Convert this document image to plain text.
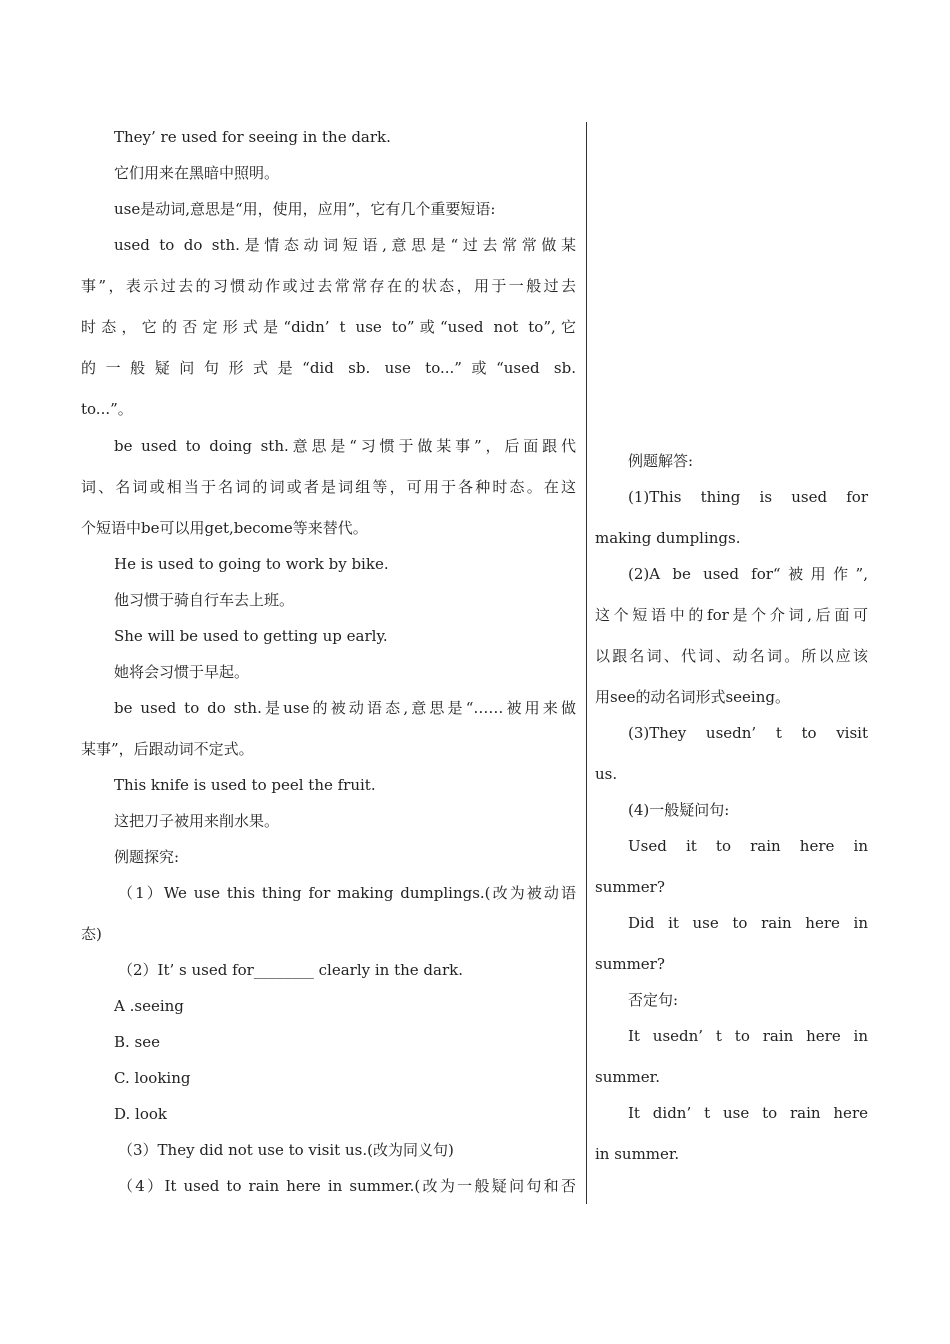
They’ re used for seeing in the dark.
它们用来在黑暗中照明。
use是动词,意思是“用，使用，应用”，它有几个重要短语:
used to do sth.是情态动词短语,意思是“过去常常做某
事”，表示过去的习惯动作或过去常常存在的状态，用于一般过去
时态，它的否定形式是“didn’ t use to”或“used not to”,它
的一般疑问句形式是“did sb. use to...”或“used sb.
to...”。
be used to doing sth.意思是“习惯于做某事”，后面跟代
词、名词或相当于名词的词或者是词组等，可用于各种时态。在这
个短语中be可以用get,become等来替代。
He is used to going to work by bike.
他习惯于骑自行车去上班。
She will be used to getting up early.
她将会习惯于早起。
be used to do sth.是use的被动语态,意思是“……被用来做
某事”，后跟动词不定式。
This knife is used to peel the fruit.
这把刀子被用来削水果。
例题探究:
（1）We use this thing for making dumplings.(改为被动语
态)
（2）It’ s used for________ clearly in the dark.
A .seeing
B. see
C. looking
D. look
（3）They did not use to visit us.(改为同义句)
（4）It used to rain here in summer.(改为一般疑问句和否
例题解答:
(1)This thing is used for
making dumplings.
(2)A be used for“被用作”,
这个短语中的for是个介词,后面可
以跟名词、代词、动名词。所以应该
用see的动名词形式seeing。
(3)They usedn’ t to visit
us.
(4)一般疑问句:
Used it to rain here in
summer?
Did it use to rain here in
summer?
否定句:
It usedn’ t to rain here in
summer.
It didn’ t use to rain here
in summer.
